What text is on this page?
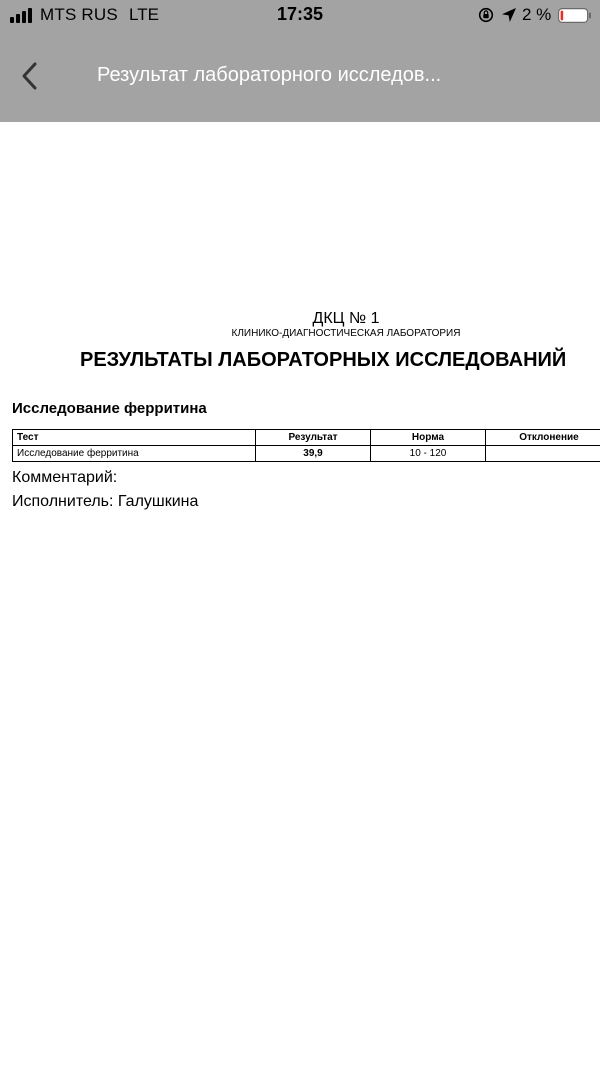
MTS RUS LTE	17:35	2 %
Результат лабораторного исследов...
ДКЦ № 1
КЛИНИКО-ДИАГНОСТИЧЕСКАЯ ЛАБОРАТОРИЯ
РЕЗУЛЬТАТЫ ЛАБОРАТОРНЫХ ИССЛЕДОВАНИЙ
Исследование ферритина
Тест	Результат	Норма	Отклонение
Исследование ферритина	39,9	10 - 120	
Комментарий:
Исполнитель: Галушкина
